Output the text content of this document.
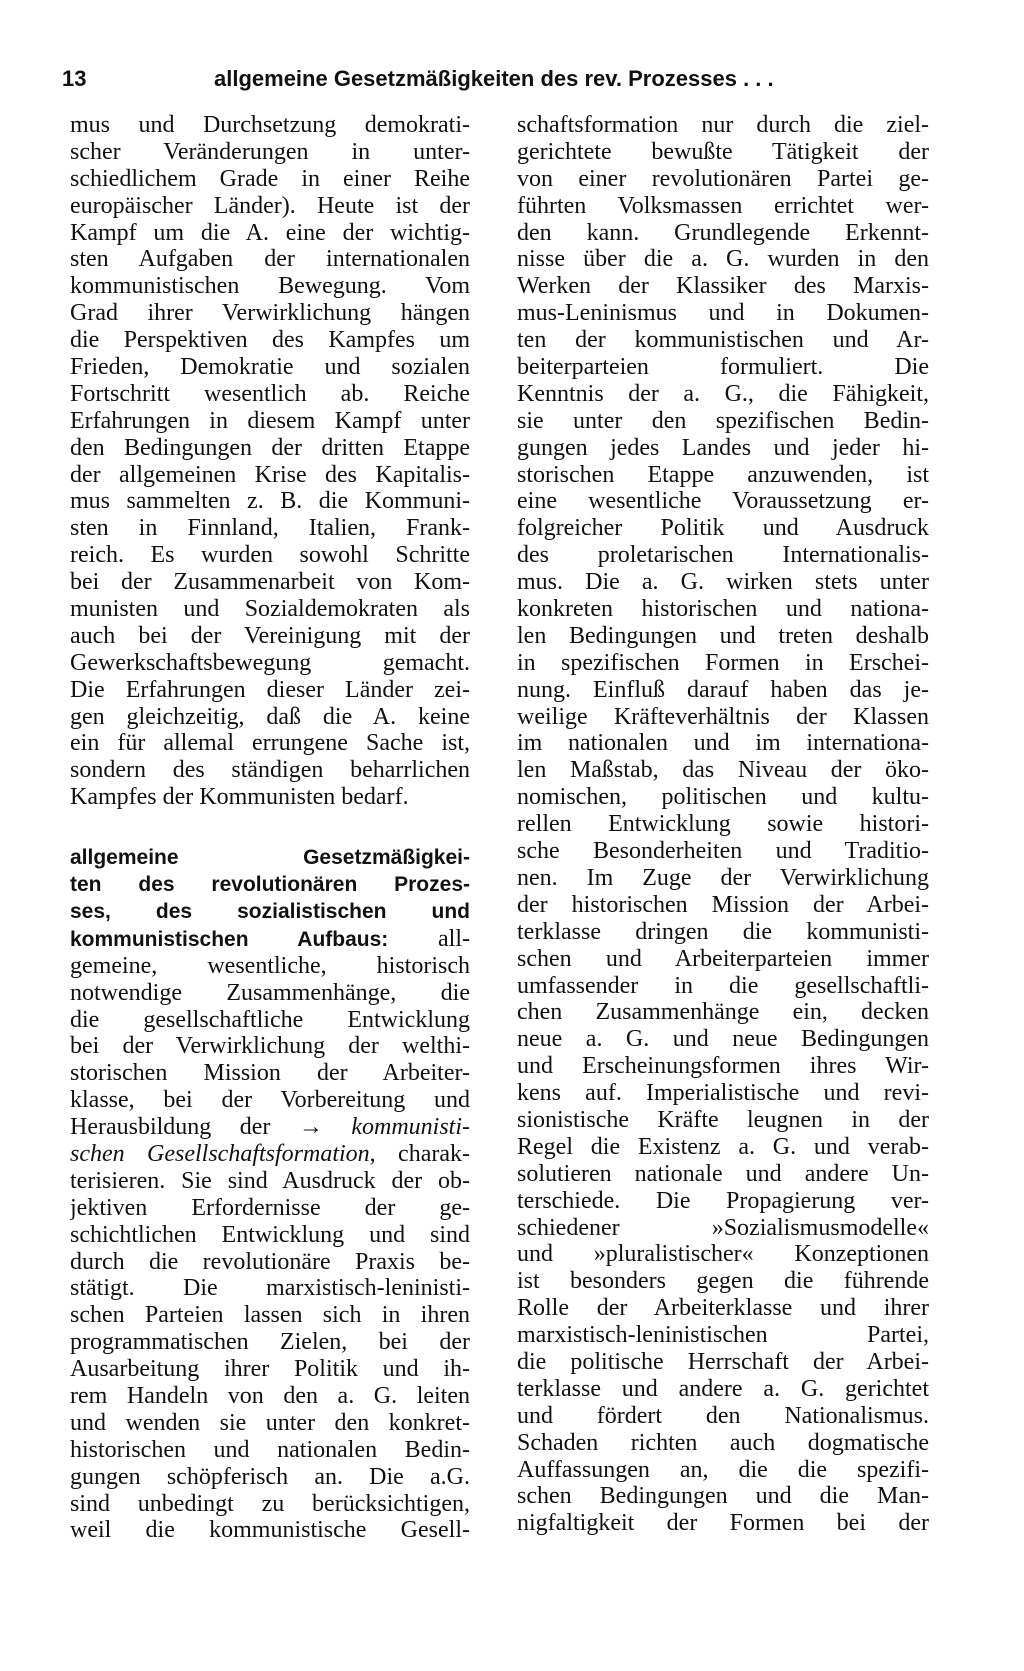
13	allgemeine Gesetzmäßigkeiten des rev. Prozesses . . .
mus und Durchsetzung demokrati-
scher Veränderungen in unter-
schiedlichem Grade in einer Reihe
europäischer Länder). Heute ist der
Kampf um die A. eine der wichtig-
sten Aufgaben der internationalen
kommunistischen Bewegung. Vom
Grad ihrer Verwirklichung hängen
die Perspektiven des Kampfes um
Frieden, Demokratie und sozialen
Fortschritt wesentlich ab. Reiche
Erfahrungen in diesem Kampf unter
den Bedingungen der dritten Etappe
der allgemeinen Krise des Kapitalis-
mus sammelten z. B. die Kommuni-
sten in Finnland, Italien, Frank-
reich. Es wurden sowohl Schritte
bei der Zusammenarbeit von Kom-
munisten und Sozialdemokraten als
auch bei der Vereinigung mit der
Gewerkschaftsbewegung gemacht.
Die Erfahrungen dieser Länder zei-
gen gleichzeitig, daß die A. keine
ein für allemal errungene Sache ist,
sondern des ständigen beharrlichen
Kampfes der Kommunisten bedarf.
allgemeine Gesetzmäßigkei-
ten des revolutionären Prozes-
ses, des sozialistischen und
kommunistischen Aufbaus: all-
gemeine, wesentliche, historisch
notwendige Zusammenhänge, die
die gesellschaftliche Entwicklung
bei der Verwirklichung der welthi-
storischen Mission der Arbeiter-
klasse, bei der Vorbereitung und
Herausbildung der → kommunisti-
schen Gesellschaftsformation, charak-
terisieren. Sie sind Ausdruck der ob-
jektiven Erfordernisse der ge-
schichtlichen Entwicklung und sind
durch die revolutionäre Praxis be-
stätigt. Die marxistisch-leninisti-
schen Parteien lassen sich in ihren
programmatischen Zielen, bei der
Ausarbeitung ihrer Politik und ih-
rem Handeln von den a. G. leiten
und wenden sie unter den konkret-
historischen und nationalen Bedin-
gungen schöpferisch an. Die a.G.
sind unbedingt zu berücksichtigen,
weil die kommunistische Gesell-
schaftsformation nur durch die ziel-
gerichtete bewußte Tätigkeit der
von einer revolutionären Partei ge-
führten Volksmassen errichtet wer-
den kann. Grundlegende Erkennt-
nisse über die a. G. wurden in den
Werken der Klassiker des Marxis-
mus-Leninismus und in Dokumen-
ten der kommunistischen und Ar-
beiterparteien formuliert. Die
Kenntnis der a. G., die Fähigkeit,
sie unter den spezifischen Bedin-
gungen jedes Landes und jeder hi-
storischen Etappe anzuwenden, ist
eine wesentliche Voraussetzung er-
folgreicher Politik und Ausdruck
des proletarischen Internationalis-
mus. Die a. G. wirken stets unter
konkreten historischen und nationa-
len Bedingungen und treten deshalb
in spezifischen Formen in Erschei-
nung. Einfluß darauf haben das je-
weilige Kräfteverhältnis der Klassen
im nationalen und im internationa-
len Maßstab, das Niveau der öko-
nomischen, politischen und kultu-
rellen Entwicklung sowie histori-
sche Besonderheiten und Traditio-
nen. Im Zuge der Verwirklichung
der historischen Mission der Arbei-
terklasse dringen die kommunisti-
schen und Arbeiterparteien immer
umfassender in die gesellschaftli-
chen Zusammenhänge ein, decken
neue a. G. und neue Bedingungen
und Erscheinungsformen ihres Wir-
kens auf. Imperialistische und revi-
sionistische Kräfte leugnen in der
Regel die Existenz a. G. und verab-
solutieren nationale und andere Un-
terschiede. Die Propagierung ver-
schiedener »Sozialismusmodelle«
und »pluralistischer« Konzeptionen
ist besonders gegen die führende
Rolle der Arbeiterklasse und ihrer
marxistisch-leninistischen Partei,
die politische Herrschaft der Arbei-
terklasse und andere a. G. gerichtet
und fördert den Nationalismus.
Schaden richten auch dogmatische
Auffassungen an, die die spezifi-
schen Bedingungen und die Man-
nigfaltigkeit der Formen bei der
